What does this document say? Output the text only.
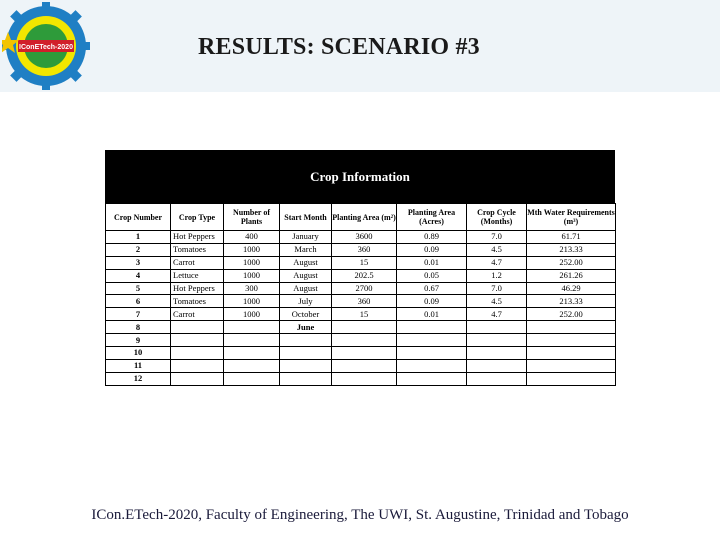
IConETech-2020	RESULTS: SCENARIO #3
Crop Information
Crop Number	Crop Type	Number of Plants	Start Month	Planting Area (m²)	Planting Area (Acres)	Crop Cycle (Months)	Mth Water Requirements (m³)
1	Hot Peppers	400	January	3600	0.89	7.0	61.71
2	Tomatoes	1000	March	360	0.09	4.5	213.33
3	Carrot	1000	August	15	0.01	4.7	252.00
4	Lettuce	1000	August	202.5	0.05	1.2	261.26
5	Hot Peppers	300	August	2700	0.67	7.0	46.29
6	Tomatoes	1000	July	360	0.09	4.5	213.33
7	Carrot	1000	October	15	0.01	4.7	252.00
8			June				
9							
10							
11							
12							
ICon.ETech-2020, Faculty of Engineering, The UWI, St. Augustine, Trinidad and Tobago
